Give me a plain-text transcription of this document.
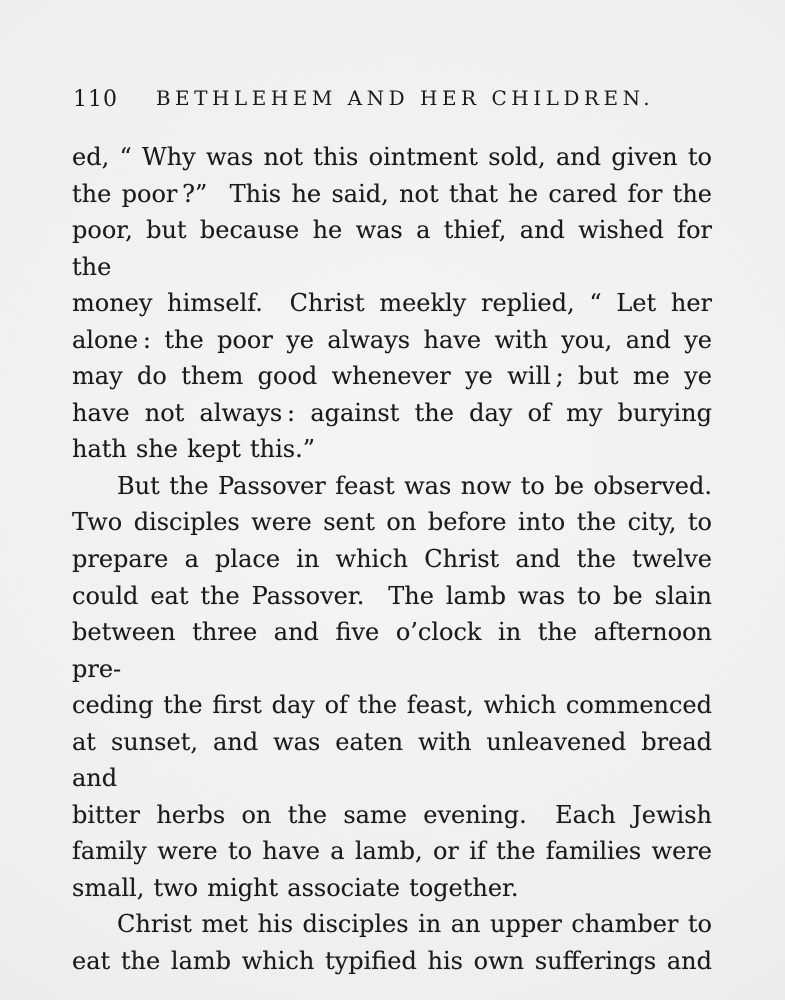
110	BETHLEHEM AND HER CHILDREN.
ed, “ Why was not this ointment sold, and given to
the poor ?”  This he said, not that he cared for the
poor, but because he was a thief, and wished for the
money himself.  Christ meekly replied, “ Let her
alone : the poor ye always have with you, and ye
may do them good whenever ye will ; but me ye
have not always : against the day of my burying
hath she kept this.”
But the Passover feast was now to be observed.
Two disciples were sent on before into the city, to
prepare a place in which Christ and the twelve
could eat the Passover.  The lamb was to be slain
between three and five o’clock in the afternoon pre-
ceding the first day of the feast, which commenced
at sunset, and was eaten with unleavened bread and
bitter herbs on the same evening.  Each Jewish
family were to have a lamb, or if the families were
small, two might associate together.
Christ met his disciples in an upper chamber to
eat the lamb which typified his own sufferings and
